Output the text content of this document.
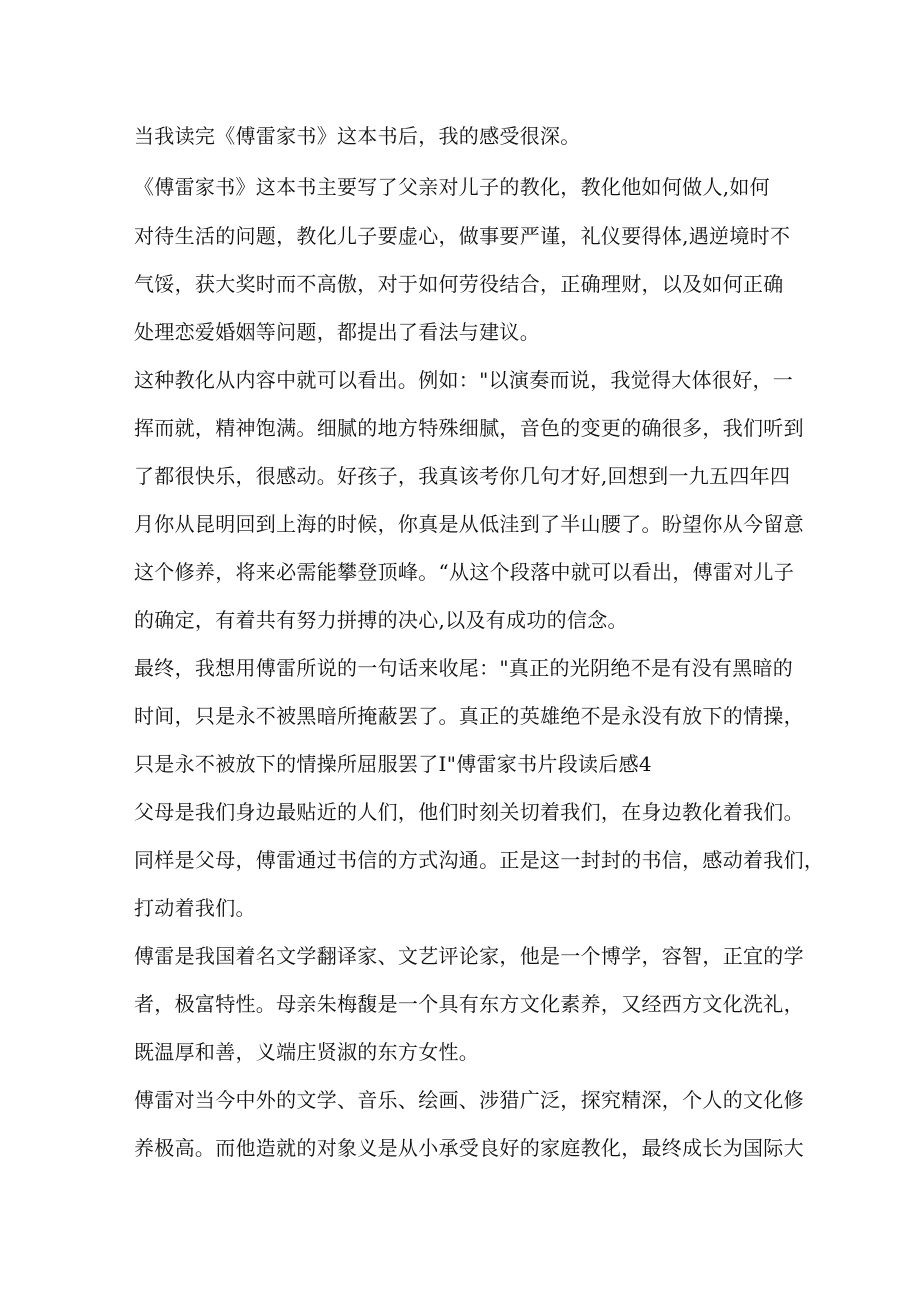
当我读完《傅雷家书》这本书后，我的感受很深。
《傅雷家书》这本书主要写了父亲对儿子的教化，教化他如何做人,如何
对待生活的问题，教化儿子要虚心，做事要严谨，礼仪要得体,遇逆境时不
气馁，获大奖时而不高傲，对于如何劳役结合，正确理财，以及如何正确
处理恋爱婚姻等问题，都提出了看法与建议。
这种教化从内容中就可以看出。例如："以演奏而说，我觉得大体很好，一
挥而就，精神饱满。细腻的地方特殊细腻，音色的变更的确很多，我们听到
了都很快乐，很感动。好孩子，我真该考你几句才好,回想到一九五四年四
月你从昆明回到上海的时候，你真是从低洼到了半山腰了。盼望你从今留意
这个修养，将来必需能攀登顶峰。“从这个段落中就可以看出，傅雷对儿子
的确定，有着共有努力拼搏的决心,以及有成功的信念。
最终，我想用傅雷所说的一句话来收尾："真正的光阴绝不是有没有黑暗的
时间，只是永不被黑暗所掩蔽罢了。真正的英雄绝不是永没有放下的情操，
只是永不被放下的情操所屈服罢了I"傅雷家书片段读后感4
父母是我们身边最贴近的人们，他们时刻关切着我们，在身边教化着我们。
同样是父母，傅雷通过书信的方式沟通。正是这一封封的书信，感动着我们，
打动着我们。
傅雷是我国着名文学翻译家、文艺评论家，他是一个博学，容智，正宜的学
者，极富特性。母亲朱梅馥是一个具有东方文化素养，又经西方文化洗礼，
既温厚和善，义端庄贤淑的东方女性。
傅雷对当今中外的文学、音乐、绘画、涉猎广泛，探究精深，个人的文化修
养极高。而他造就的对象义是从小承受良好的家庭教化，最终成长为国际大
